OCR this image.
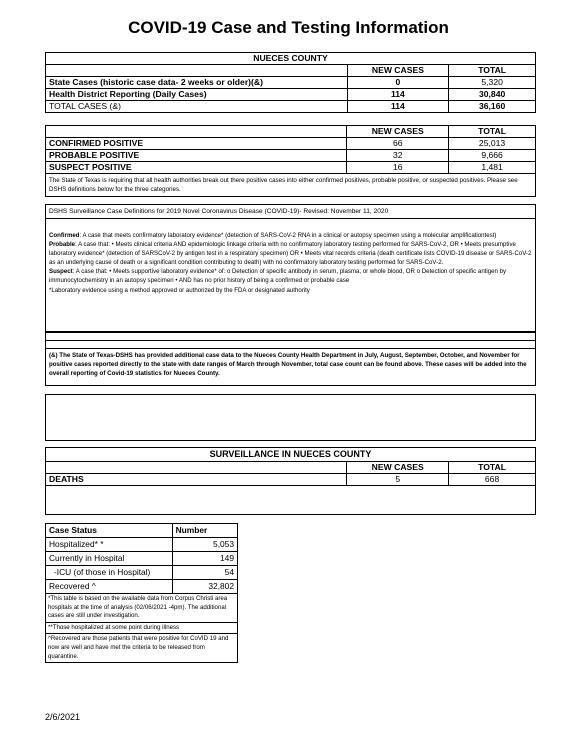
COVID-19 Case and Testing Information
NUECES COUNTY		
	NEW CASES	TOTAL
State Cases (historic case data- 2 weeks or older)(&)	0	5,320
Health District Reporting (Daily Cases)	114	30,840
TOTAL CASES (&)	114	36,160
	NEW CASES	TOTAL
CONFIRMED POSITIVE	66	25,013
PROBABLE POSITIVE	32	9,666
SUSPECT POSITIVE	16	1,481
The State of Texas is requiring that all health authorities break out there positive cases into either confirmed positives, probable positive, or suspected positives. Please see DSHS definitions below for the three categories.		
DSHS Surveillance Case Definitions for 2019 Novel Coronavirus Disease (COVID-19)- Revised: November 11, 2020

Confirmed: A case that meets confirmatory laboratory evidence* (detection of SARS-CoV-2 RNA in a clinical or autopsy specimen using a molecular amplificationtest)

Probable: A case that: • Meets clinical criteria AND epidemiologic linkage criteria with no confirmatory laboratory testing performed for SARS-CoV-2, OR • Meets presumptive laboratory evidence* (detection of SARSCoV-2 by antigen test in a respiratory specimen) OR • Meets vital records criteria (death certificate lists COVID-19 disease or SARS-CoV-2 as an underlying cause of death or a significant condition contributing to death) with no confirmatory laboratory testing performed for SARS-CoV-2.

Suspect: A case that: • Meets supportive laboratory evidence* of: o Detection of specific antibody in serum, plasma, or whole blood, OR o Detection of specific antigen by immunocytochemistry in an autopsy specimen • AND has no prior history of being a confirmed or probable case

*Laboratory evidence using a method approved or authorized by the FDA or designated authority

(&) The State of Texas-DSHS has provided additional case data to the Nueces County Health Department in July, August, September, October, and November for positive cases reported directly to the state with date ranges of March through November, total case count can be found above. These cases will be added into the overall reporting of Covid-19 statistics for Nueces County.
SURVEILLANCE IN NUECES COUNTY		
	NEW CASES	TOTAL
DEATHS	5	668

Case Status	Number
Hospitalized* *	5,053
Currently in Hospital	149
-ICU (of those in Hospital)	54
Recovered ^	32,802
*This table is based on the available data from Corpus Christi area hospitals at the time of analysis (02/06/2021 -4pm). The additional cases are still under investigation.	
**Those hospitalized at some point during illness	
^Recovered are those patients that were positive for CoVID 19 and now are well and have met the criteria to be released from quarantine.	
2/6/2021
